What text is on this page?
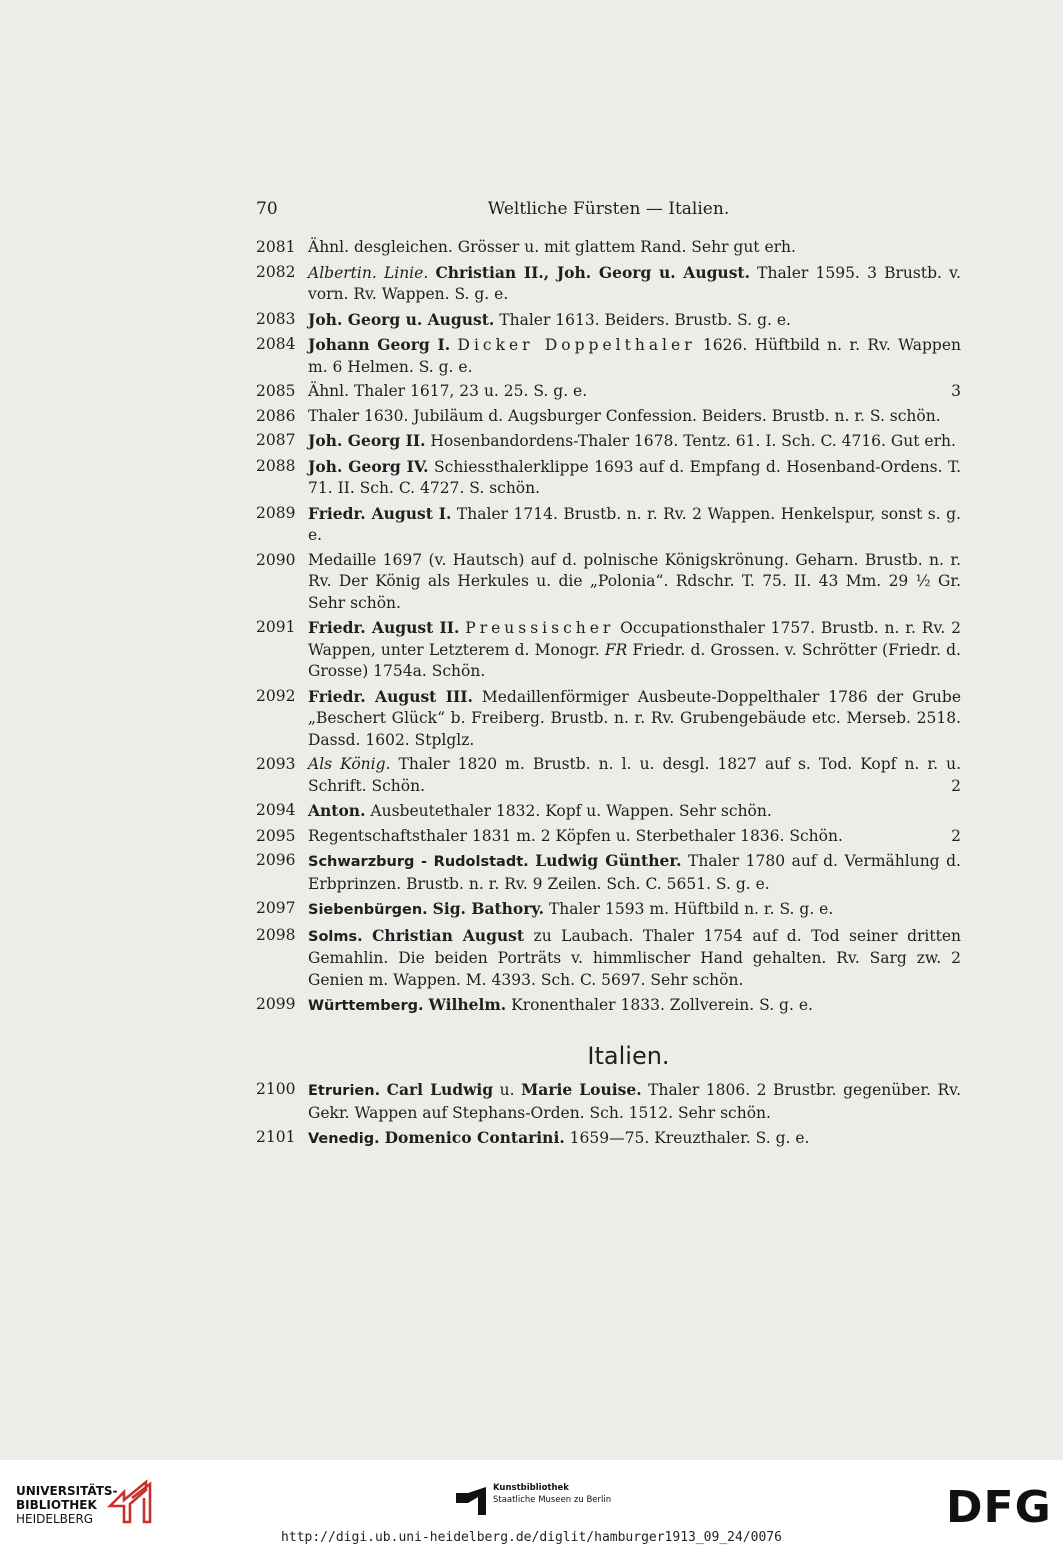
70	Weltliche Fürsten — Italien.
2081 Ähnl. desgleichen. Grösser u. mit glattem Rand. Sehr gut erh.
2082 Albertin. Linie. Christian II., Joh. Georg u. August. Thaler 1595. 3 Brustb. v. vorn. Rv. Wappen. S. g. e.
2083 Joh. Georg u. August. Thaler 1613. Beiders. Brustb. S. g. e.
2084 Johann Georg I. Dicker Doppelthaler 1626. Hüftbild n. r. Rv. Wappen m. 6 Helmen. S. g. e.
2085 Ähnl. Thaler 1617, 23 u. 25. S. g. e.	3
2086 Thaler 1630. Jubiläum d. Augsburger Confession. Beiders. Brustb. n. r. S. schön.
2087 Joh. Georg II. Hosenbandordens-Thaler 1678. Tentz. 61. I. Sch. C. 4716. Gut erh.
2088 Joh. Georg IV. Schiessthalerklippe 1693 auf d. Empfang d. Hosenband-Ordens. T. 71. II. Sch. C. 4727. S. schön.
2089 Friedr. August I. Thaler 1714. Brustb. n. r. Rv. 2 Wappen. Henkelspur, sonst s. g. e.
2090 Medaille 1697 (v. Hautsch) auf d. polnische Königskrönung. Geharn. Brustb. n. r. Rv. Der König als Herkules u. die „Polonia“. Rdschr. T. 75. II. 43 Mm. 29 ½ Gr. Sehr schön.
2091 Friedr. August II. Preussischer Occupationsthaler 1757. Brustb. n. r. Rv. 2 Wappen, unter Letzterem d. Monogr. FR Friedr. d. Grossen. v. Schrötter (Friedr. d. Grosse) 1754a. Schön.
2092 Friedr. August III. Medaillenförmiger Ausbeute-Doppelthaler 1786 der Grube „Beschert Glück“ b. Freiberg. Brustb. n. r. Rv. Grubengebäude etc. Merseb. 2518. Dassd. 1602. Stplglz.
2093 Als König. Thaler 1820 m. Brustb. n. l. u. desgl. 1827 auf s. Tod. Kopf n. r. u. Schrift. Schön.	2
2094 Anton. Ausbeutethaler 1832. Kopf u. Wappen. Sehr schön.
2095 Regentschaftsthaler 1831 m. 2 Köpfen u. Sterbethaler 1836. Schön.	2
2096 Schwarzburg - Rudolstadt. Ludwig Günther. Thaler 1780 auf d. Vermählung d. Erbprinzen. Brustb. n. r. Rv. 9 Zeilen. Sch. C. 5651. S. g. e.
2097 Siebenbürgen. Sig. Bathory. Thaler 1593 m. Hüftbild n. r. S. g. e.
2098 Solms. Christian August zu Laubach. Thaler 1754 auf d. Tod seiner dritten Gemahlin. Die beiden Porträts v. himmlischer Hand gehalten. Rv. Sarg zw. 2 Genien m. Wappen. M. 4393. Sch. C. 5697. Sehr schön.
2099 Württemberg. Wilhelm. Kronenthaler 1833. Zollverein. S. g. e.
Italien.
2100 Etrurien. Carl Ludwig u. Marie Louise. Thaler 1806. 2 Brustbr. gegenüber. Rv. Gekr. Wappen auf Stephans-Orden. Sch. 1512. Sehr schön.
2101 Venedig. Domenico Contarini. 1659—75. Kreuzthaler. S. g. e.
UNIVERSITÄTS-
BIBLIOTHEK
HEIDELBERG
Kunstbibliothek
Staatliche Museen zu Berlin	DFG
http://digi.ub.uni-heidelberg.de/diglit/hamburger1913_09_24/0076
